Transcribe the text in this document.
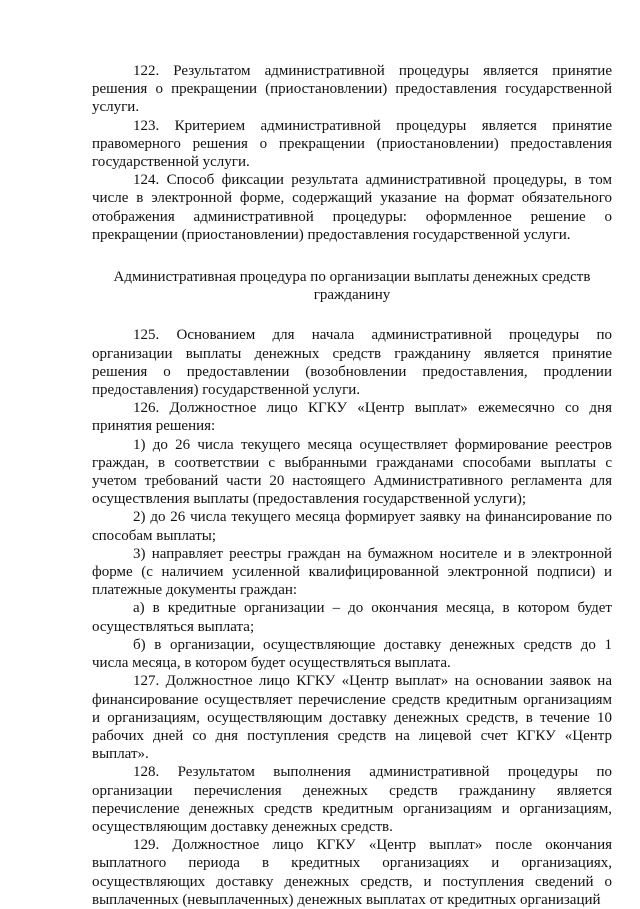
122. Результатом административной процедуры является принятие решения о прекращении (приостановлении) предоставления государственной услуги.

123. Критерием административной процедуры является принятие правомерного решения о прекращении (приостановлении) предоставления государственной услуги.

124. Способ фиксации результата административной процедуры, в том числе в электронной форме, содержащий указание на формат обязательного отображения административной процедуры: оформленное решение о прекращении (приостановлении) предоставления государственной услуги.

Административная процедура по организации выплаты денежных средств гражданину

125. Основанием для начала административной процедуры по организации выплаты денежных средств гражданину является принятие решения о предоставлении (возобновлении предоставления, продлении предоставления) государственной услуги.

126. Должностное лицо КГКУ «Центр выплат» ежемесячно со дня принятия решения:

1) до 26 числа текущего месяца осуществляет формирование реестров граждан, в соответствии с выбранными гражданами способами выплаты с учетом требований части 20 настоящего Административного регламента для осуществления выплаты (предоставления государственной услуги);

2) до 26 числа текущего месяца формирует заявку на финансирование по способам выплаты;

3) направляет реестры граждан на бумажном носителе и в электронной форме (с наличием усиленной квалифицированной электронной подписи) и платежные документы граждан:

а) в кредитные организации – до окончания месяца, в котором будет осуществляться выплата;

б) в организации, осуществляющие доставку денежных средств до 1 числа месяца, в котором будет осуществляться выплата.

127. Должностное лицо КГКУ «Центр выплат» на основании заявок на финансирование осуществляет перечисление средств кредитным организациям и организациям, осуществляющим доставку денежных средств, в течение 10 рабочих дней со дня поступления средств на лицевой счет КГКУ «Центр выплат».

128. Результатом выполнения административной процедуры по организации перечисления денежных средств гражданину является перечисление денежных средств кредитным организациям и организациям, осуществляющим доставку денежных средств.

129. Должностное лицо КГКУ «Центр выплат» после окончания выплатного периода в кредитных организациях и организациях, осуществляющих доставку денежных средств, и поступления сведений о выплаченных (невыплаченных) денежных выплатах от кредитных организаций
